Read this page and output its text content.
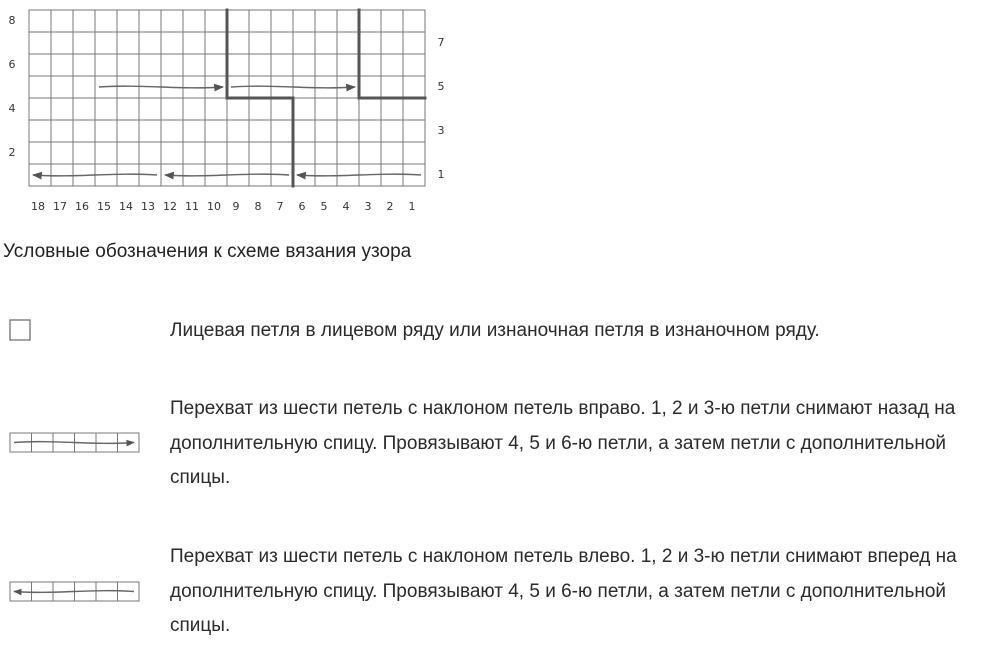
8
6
4
2
7
5
3
1
18 17 16 15 14 13 12 11 10 9 8 7 6 5 4 3 2 1
Условные обозначения к схеме вязания узора
Лицевая петля в лицевом ряду или изнаночная петля в изнаночном ряду.
Перехват из шести петель с наклоном петель вправо. 1, 2 и 3-ю петли снимают назад на дополнительную спицу. Провязывают 4, 5 и 6-ю петли, а затем петли с дополнительной спицы.
Перехват из шести петель с наклоном петель влево. 1, 2 и 3-ю петли снимают вперед на дополнительную спицу. Провязывают 4, 5 и 6-ю петли, а затем петли с дополнительной спицы.
